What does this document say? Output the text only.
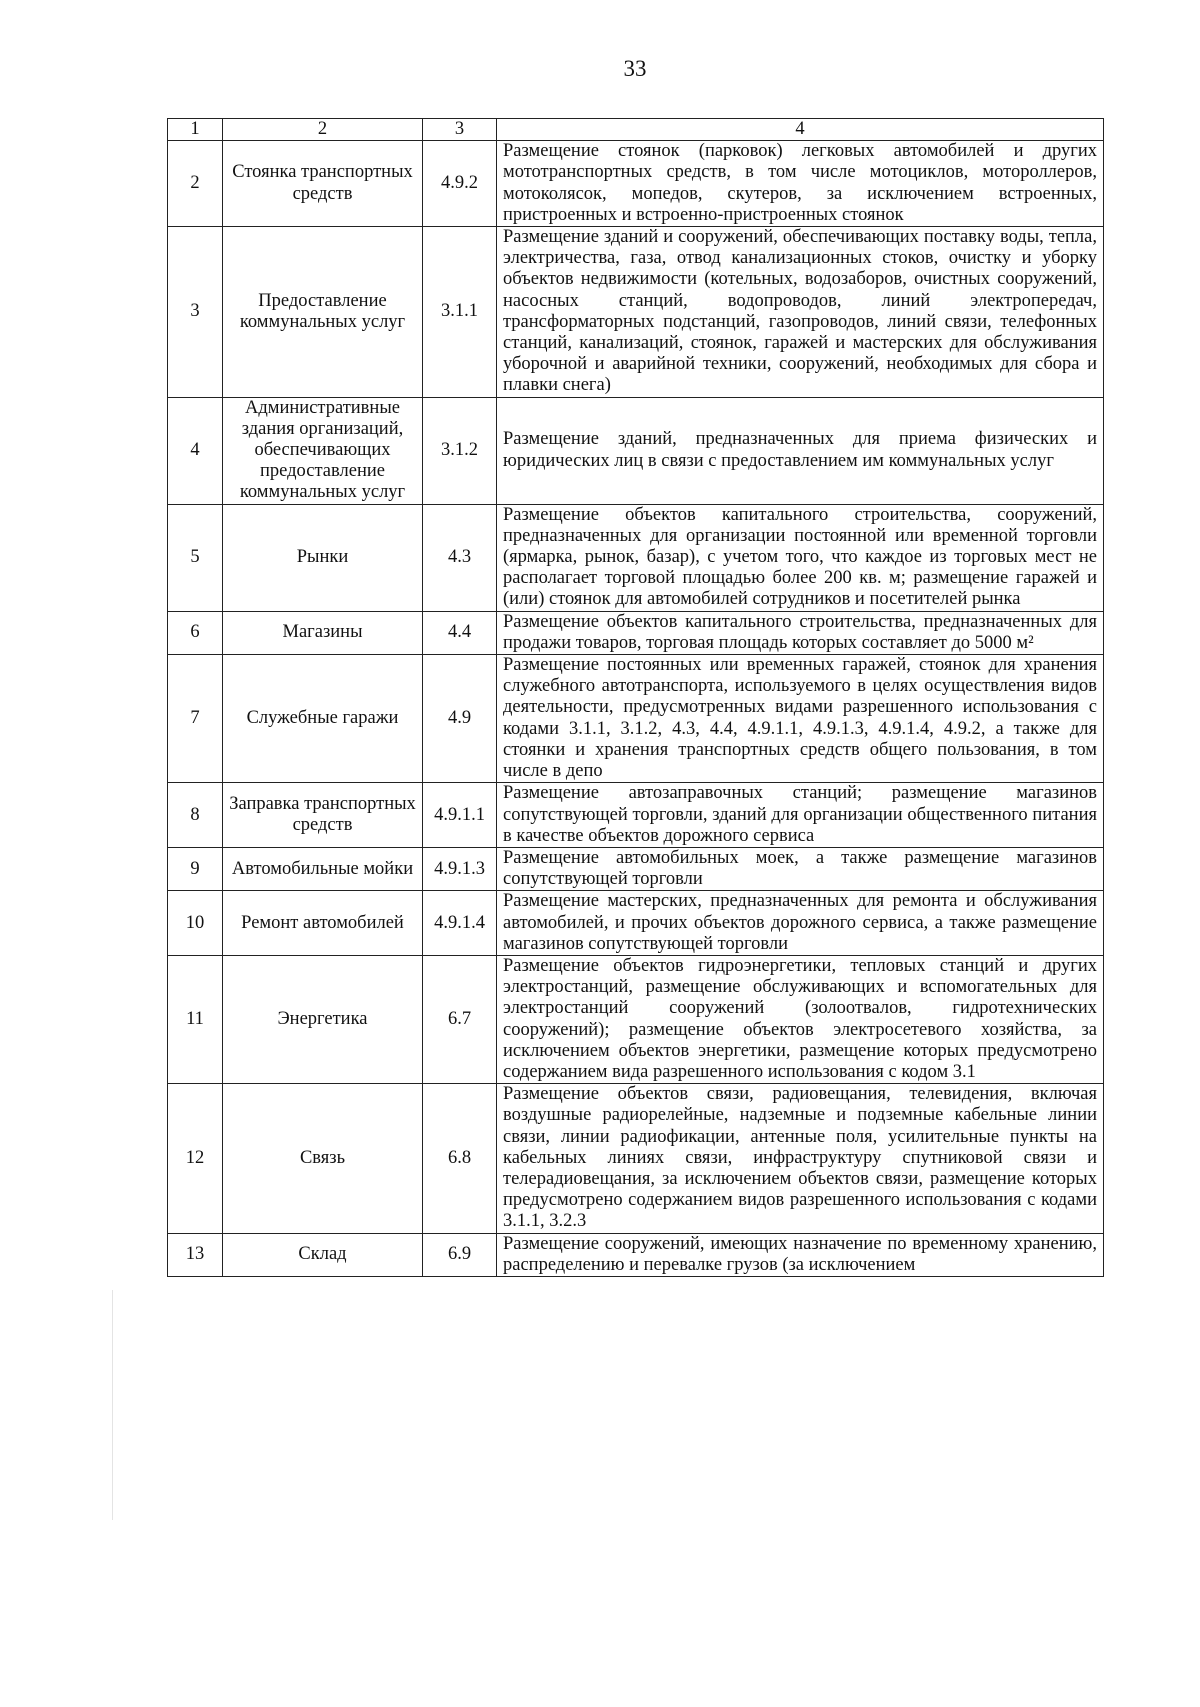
33
1	2	3	4
2	Стоянка транспортных средств	4.9.2	Размещение стоянок (парковок) легковых автомобилей и других мототранспортных средств, в том числе мотоциклов, мотороллеров, мотоколясок, мопедов, скутеров, за исключением встроенных, пристроенных и встроенно-пристроенных стоянок
3	Предоставление коммунальных услуг	3.1.1	Размещение зданий и сооружений, обеспечивающих поставку воды, тепла, электричества, газа, отвод канализационных стоков, очистку и уборку объектов недвижимости (котельных, водозаборов, очистных сооружений, насосных станций, водопроводов, линий электропередач, трансформаторных подстанций, газопроводов, линий связи, телефонных станций, канализаций, стоянок, гаражей и мастерских для обслуживания уборочной и аварийной техники, сооружений, необходимых для сбора и плавки снега)
4	Административные здания организаций, обеспечивающих предоставление коммунальных услуг	3.1.2	Размещение зданий, предназначенных для приема физических и юридических лиц в связи с предоставлением им коммунальных услуг
5	Рынки	4.3	Размещение объектов капитального строительства, сооружений, предназначенных для организации постоянной или временной торговли (ярмарка, рынок, базар), с учетом того, что каждое из торговых мест не располагает торговой площадью более 200 кв. м; размещение гаражей и (или) стоянок для автомобилей сотрудников и посетителей рынка
6	Магазины	4.4	Размещение объектов капитального строительства, предназначенных для продажи товаров, торговая площадь которых составляет до 5000 м²
7	Служебные гаражи	4.9	Размещение постоянных или временных гаражей, стоянок для хранения служебного автотранспорта, используемого в целях осуществления видов деятельности, предусмотренных видами разрешенного использования с кодами 3.1.1, 3.1.2, 4.3, 4.4, 4.9.1.1, 4.9.1.3, 4.9.1.4, 4.9.2, а также для стоянки и хранения транспортных средств общего пользования, в том числе в депо
8	Заправка транспортных средств	4.9.1.1	Размещение автозаправочных станций; размещение магазинов сопутствующей торговли, зданий для организации общественного питания в качестве объектов дорожного сервиса
9	Автомобильные мойки	4.9.1.3	Размещение автомобильных моек, а также размещение магазинов сопутствующей торговли
10	Ремонт автомобилей	4.9.1.4	Размещение мастерских, предназначенных для ремонта и обслуживания автомобилей, и прочих объектов дорожного сервиса, а также размещение магазинов сопутствующей торговли
11	Энергетика	6.7	Размещение объектов гидроэнергетики, тепловых станций и других электростанций, размещение обслуживающих и вспомогательных для электростанций сооружений (золоотвалов, гидротехнических сооружений); размещение объектов электросетевого хозяйства, за исключением объектов энергетики, размещение которых предусмотрено содержанием вида разрешенного использования с кодом 3.1
12	Связь	6.8	Размещение объектов связи, радиовещания, телевидения, включая воздушные радиорелейные, надземные и подземные кабельные линии связи, линии радиофикации, антенные поля, усилительные пункты на кабельных линиях связи, инфраструктуру спутниковой связи и телерадиовещания, за исключением объектов связи, размещение которых предусмотрено содержанием видов разрешенного использования с кодами 3.1.1, 3.2.3
13	Склад	6.9	Размещение сооружений, имеющих назначение по временному хранению, распределению и перевалке грузов (за исключением
